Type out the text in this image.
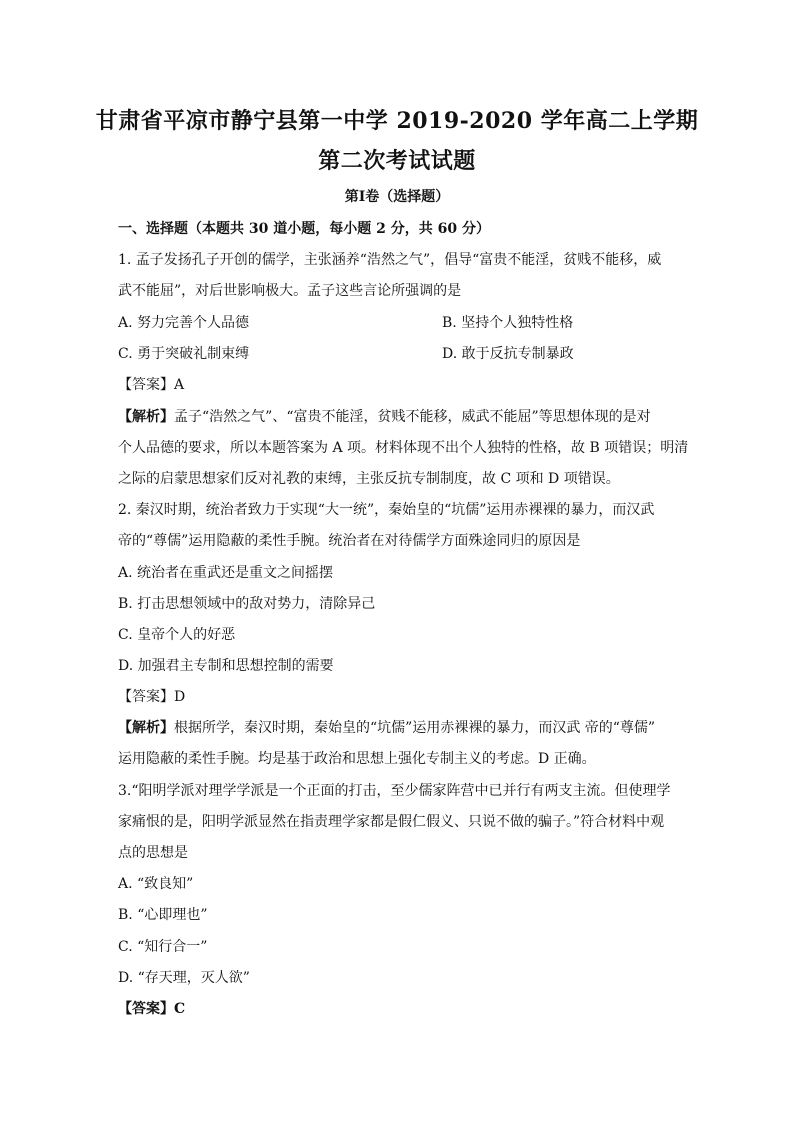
甘肃省平凉市静宁县第一中学 2019-2020 学年高二上学期
第二次考试试题
第Ⅰ卷（选择题）
一、选择题（本题共 30 道小题，每小题 2 分，共 60 分）
1. 孟子发扬孔子开创的儒学，主张涵养“浩然之气”，倡导“富贵不能淫，贫贱不能移，威
武不能屈”，对后世影响极大。孟子这些言论所强调的是
A. 努力完善个人品德	B. 坚持个人独特性格
C. 勇于突破礼制束缚	D. 敢于反抗专制暴政
【答案】A
【解析】孟子“浩然之气”、“富贵不能淫，贫贱不能移，威武不能屈”等思想体现的是对
个人品德的要求，所以本题答案为 A 项。材料体现不出个人独特的性格，故 B 项错误；明清
之际的启蒙思想家们反对礼教的束缚，主张反抗专制制度，故 C 项和 D 项错误。
2. 秦汉时期，统治者致力于实现“大一统”，秦始皇的“坑儒”运用赤裸裸的暴力，而汉武
帝的“尊儒”运用隐蔽的柔性手腕。统治者在对待儒学方面殊途同归的原因是
A. 统治者在重武还是重文之间摇摆
B. 打击思想领域中的敌对势力，清除异己
C. 皇帝个人的好恶
D. 加强君主专制和思想控制的需要
【答案】D
【解析】根据所学，秦汉时期，秦始皇的“坑儒”运用赤裸裸的暴力，而汉武 帝的“尊儒”
运用隐蔽的柔性手腕。均是基于政治和思想上强化专制主义的考虑。D 正确。
3.“阳明学派对理学学派是一个正面的打击，至少儒家阵营中已并行有两支主流。但使理学
家痛恨的是，阳明学派显然在指责理学家都是假仁假义、只说不做的骗子。”符合材料中观
点的思想是
A. “致良知”
B. “心即理也”
C. “知行合一”
D. “存天理，灭人欲”
【答案】C
